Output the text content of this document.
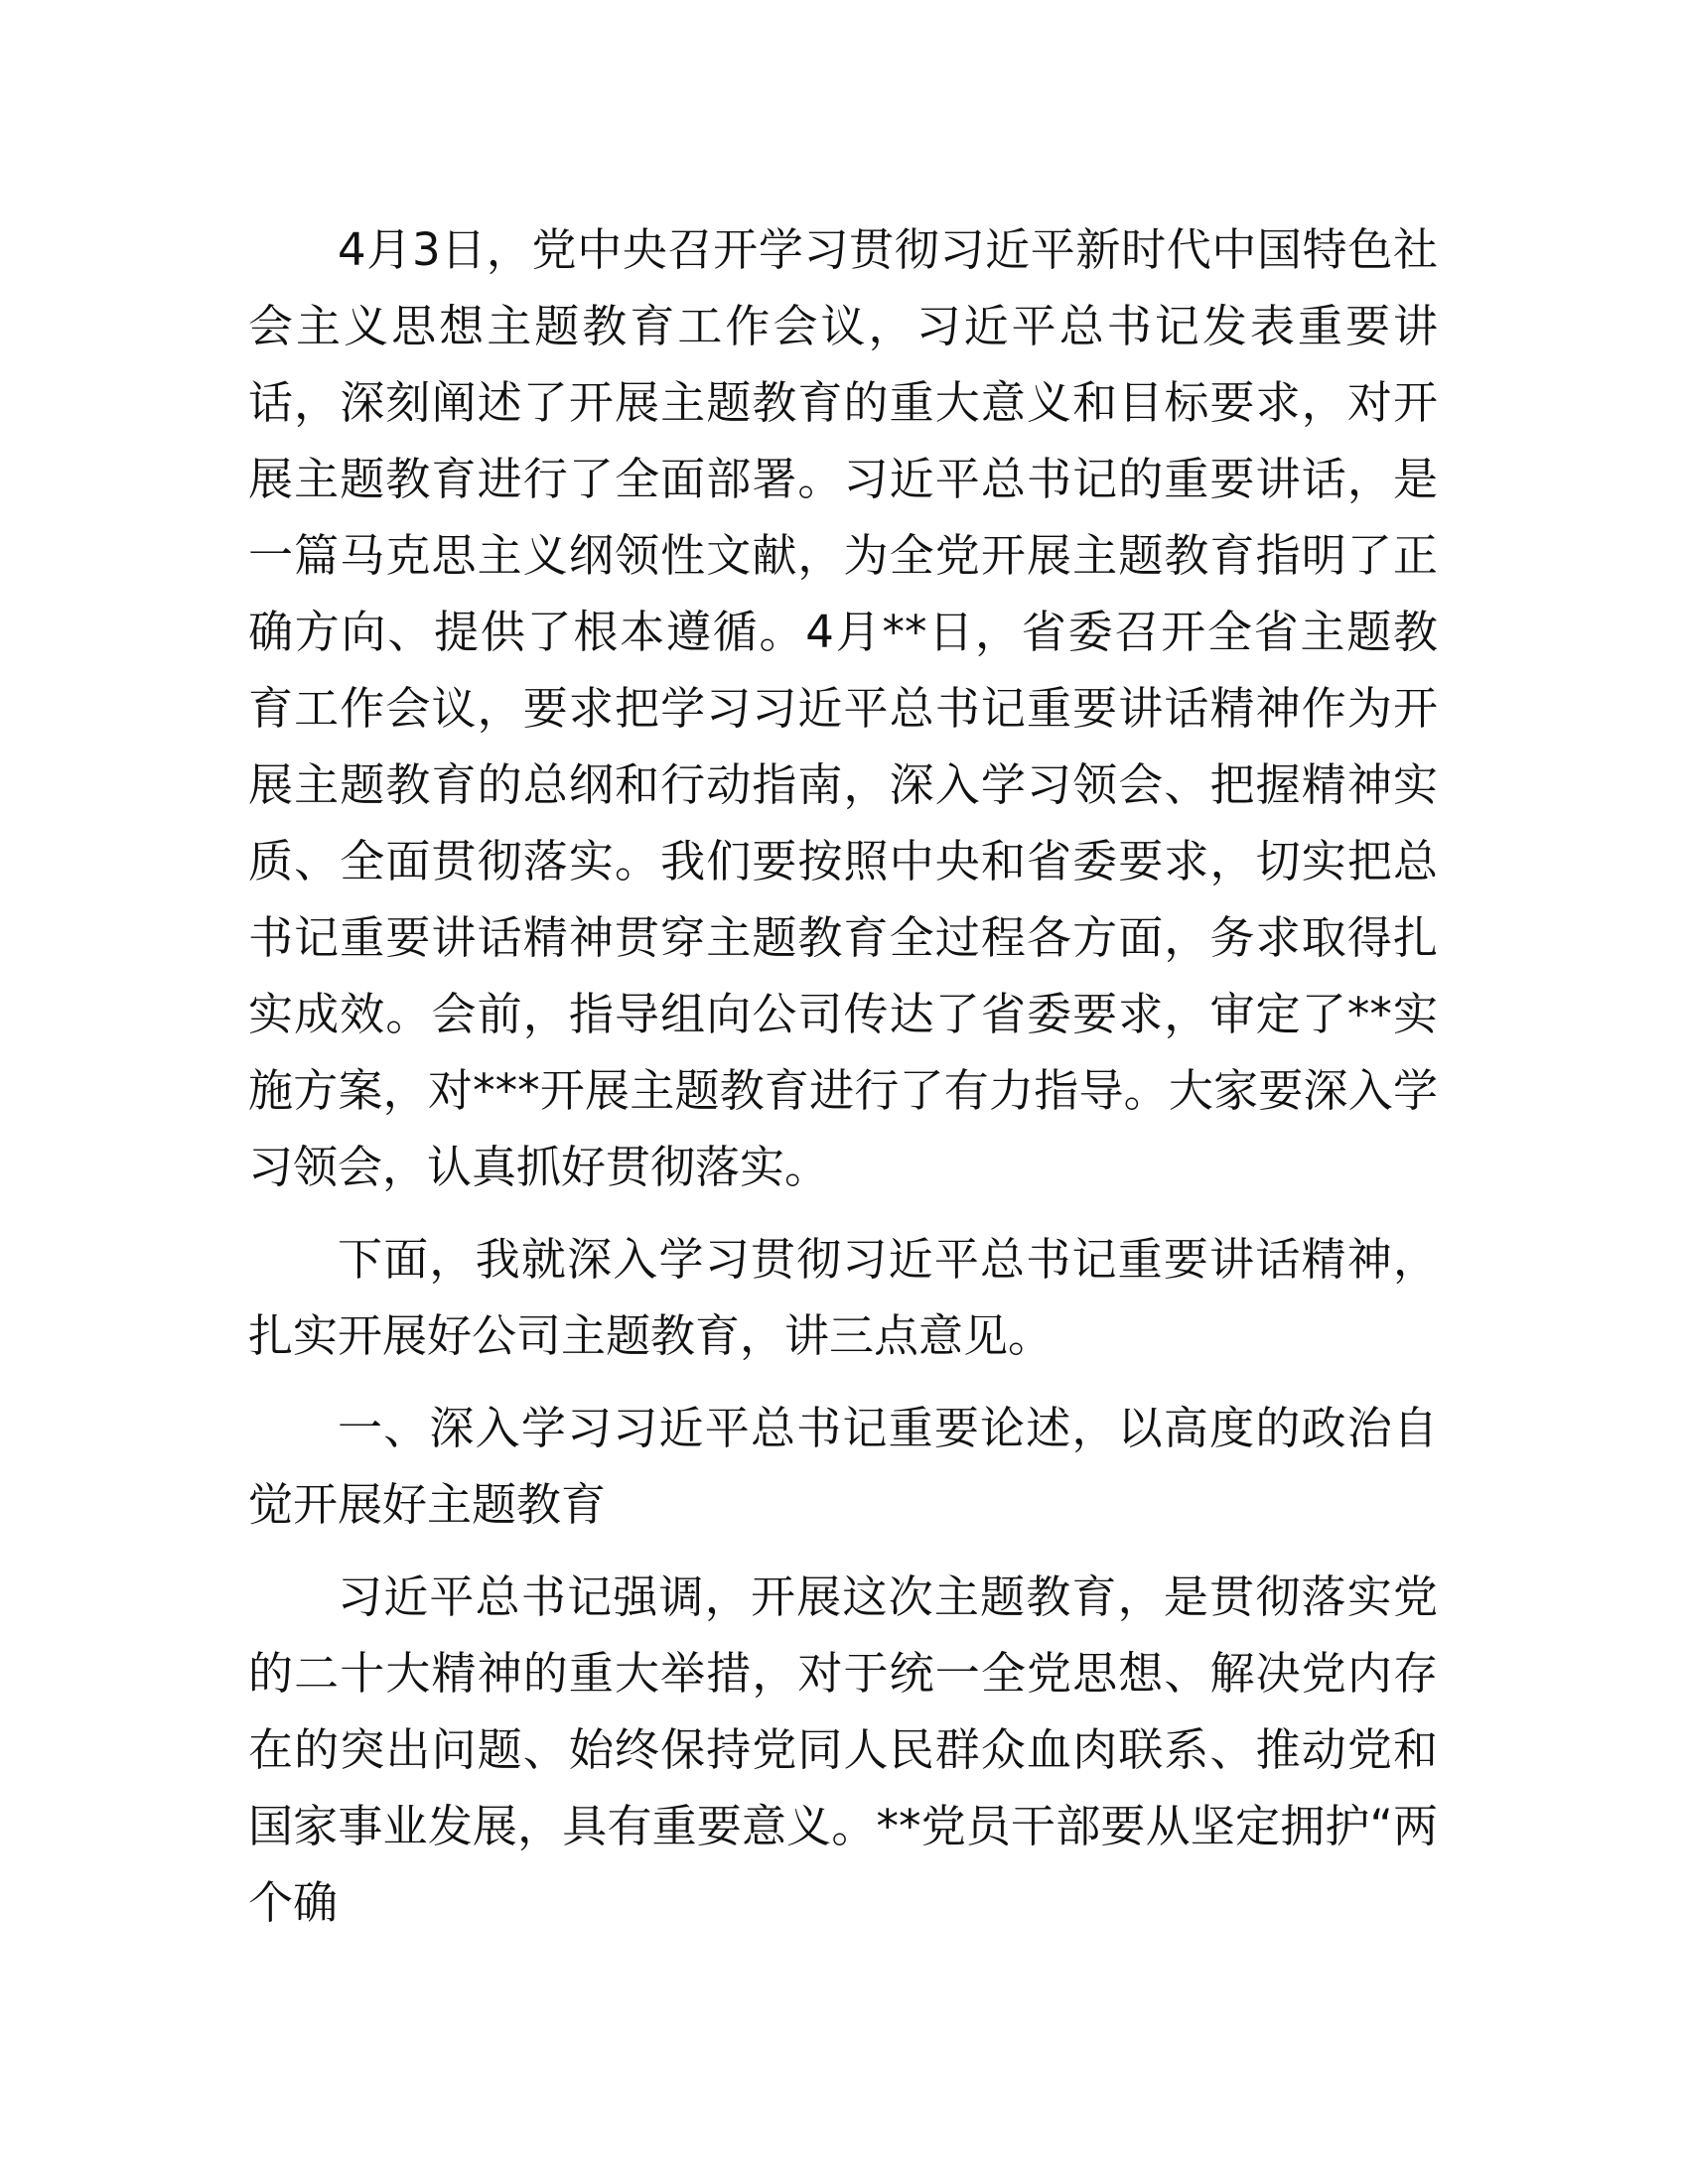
4月3日，党中央召开学习贯彻习近平新时代中国特色社会主义思想主题教育工作会议，习近平总书记发表重要讲话，深刻阐述了开展主题教育的重大意义和目标要求，对开展主题教育进行了全面部署。习近平总书记的重要讲话，是一篇马克思主义纲领性文献，为全党开展主题教育指明了正确方向、提供了根本遵循。4月**日，省委召开全省主题教育工作会议，要求把学习习近平总书记重要讲话精神作为开展主题教育的总纲和行动指南，深入学习领会、把握精神实质、全面贯彻落实。我们要按照中央和省委要求，切实把总书记重要讲话精神贯穿主题教育全过程各方面，务求取得扎实成效。会前，指导组向公司传达了省委要求，审定了**实施方案，对***开展主题教育进行了有力指导。大家要深入学习领会，认真抓好贯彻落实。

下面，我就深入学习贯彻习近平总书记重要讲话精神，扎实开展好公司主题教育，讲三点意见。

一、深入学习习近平总书记重要论述，以高度的政治自觉开展好主题教育

习近平总书记强调，开展这次主题教育，是贯彻落实党的二十大精神的重大举措，对于统一全党思想、解决党内存在的突出问题、始终保持党同人民群众血肉联系、推动党和国家事业发展，具有重要意义。**党员干部要从坚定拥护“两个确
